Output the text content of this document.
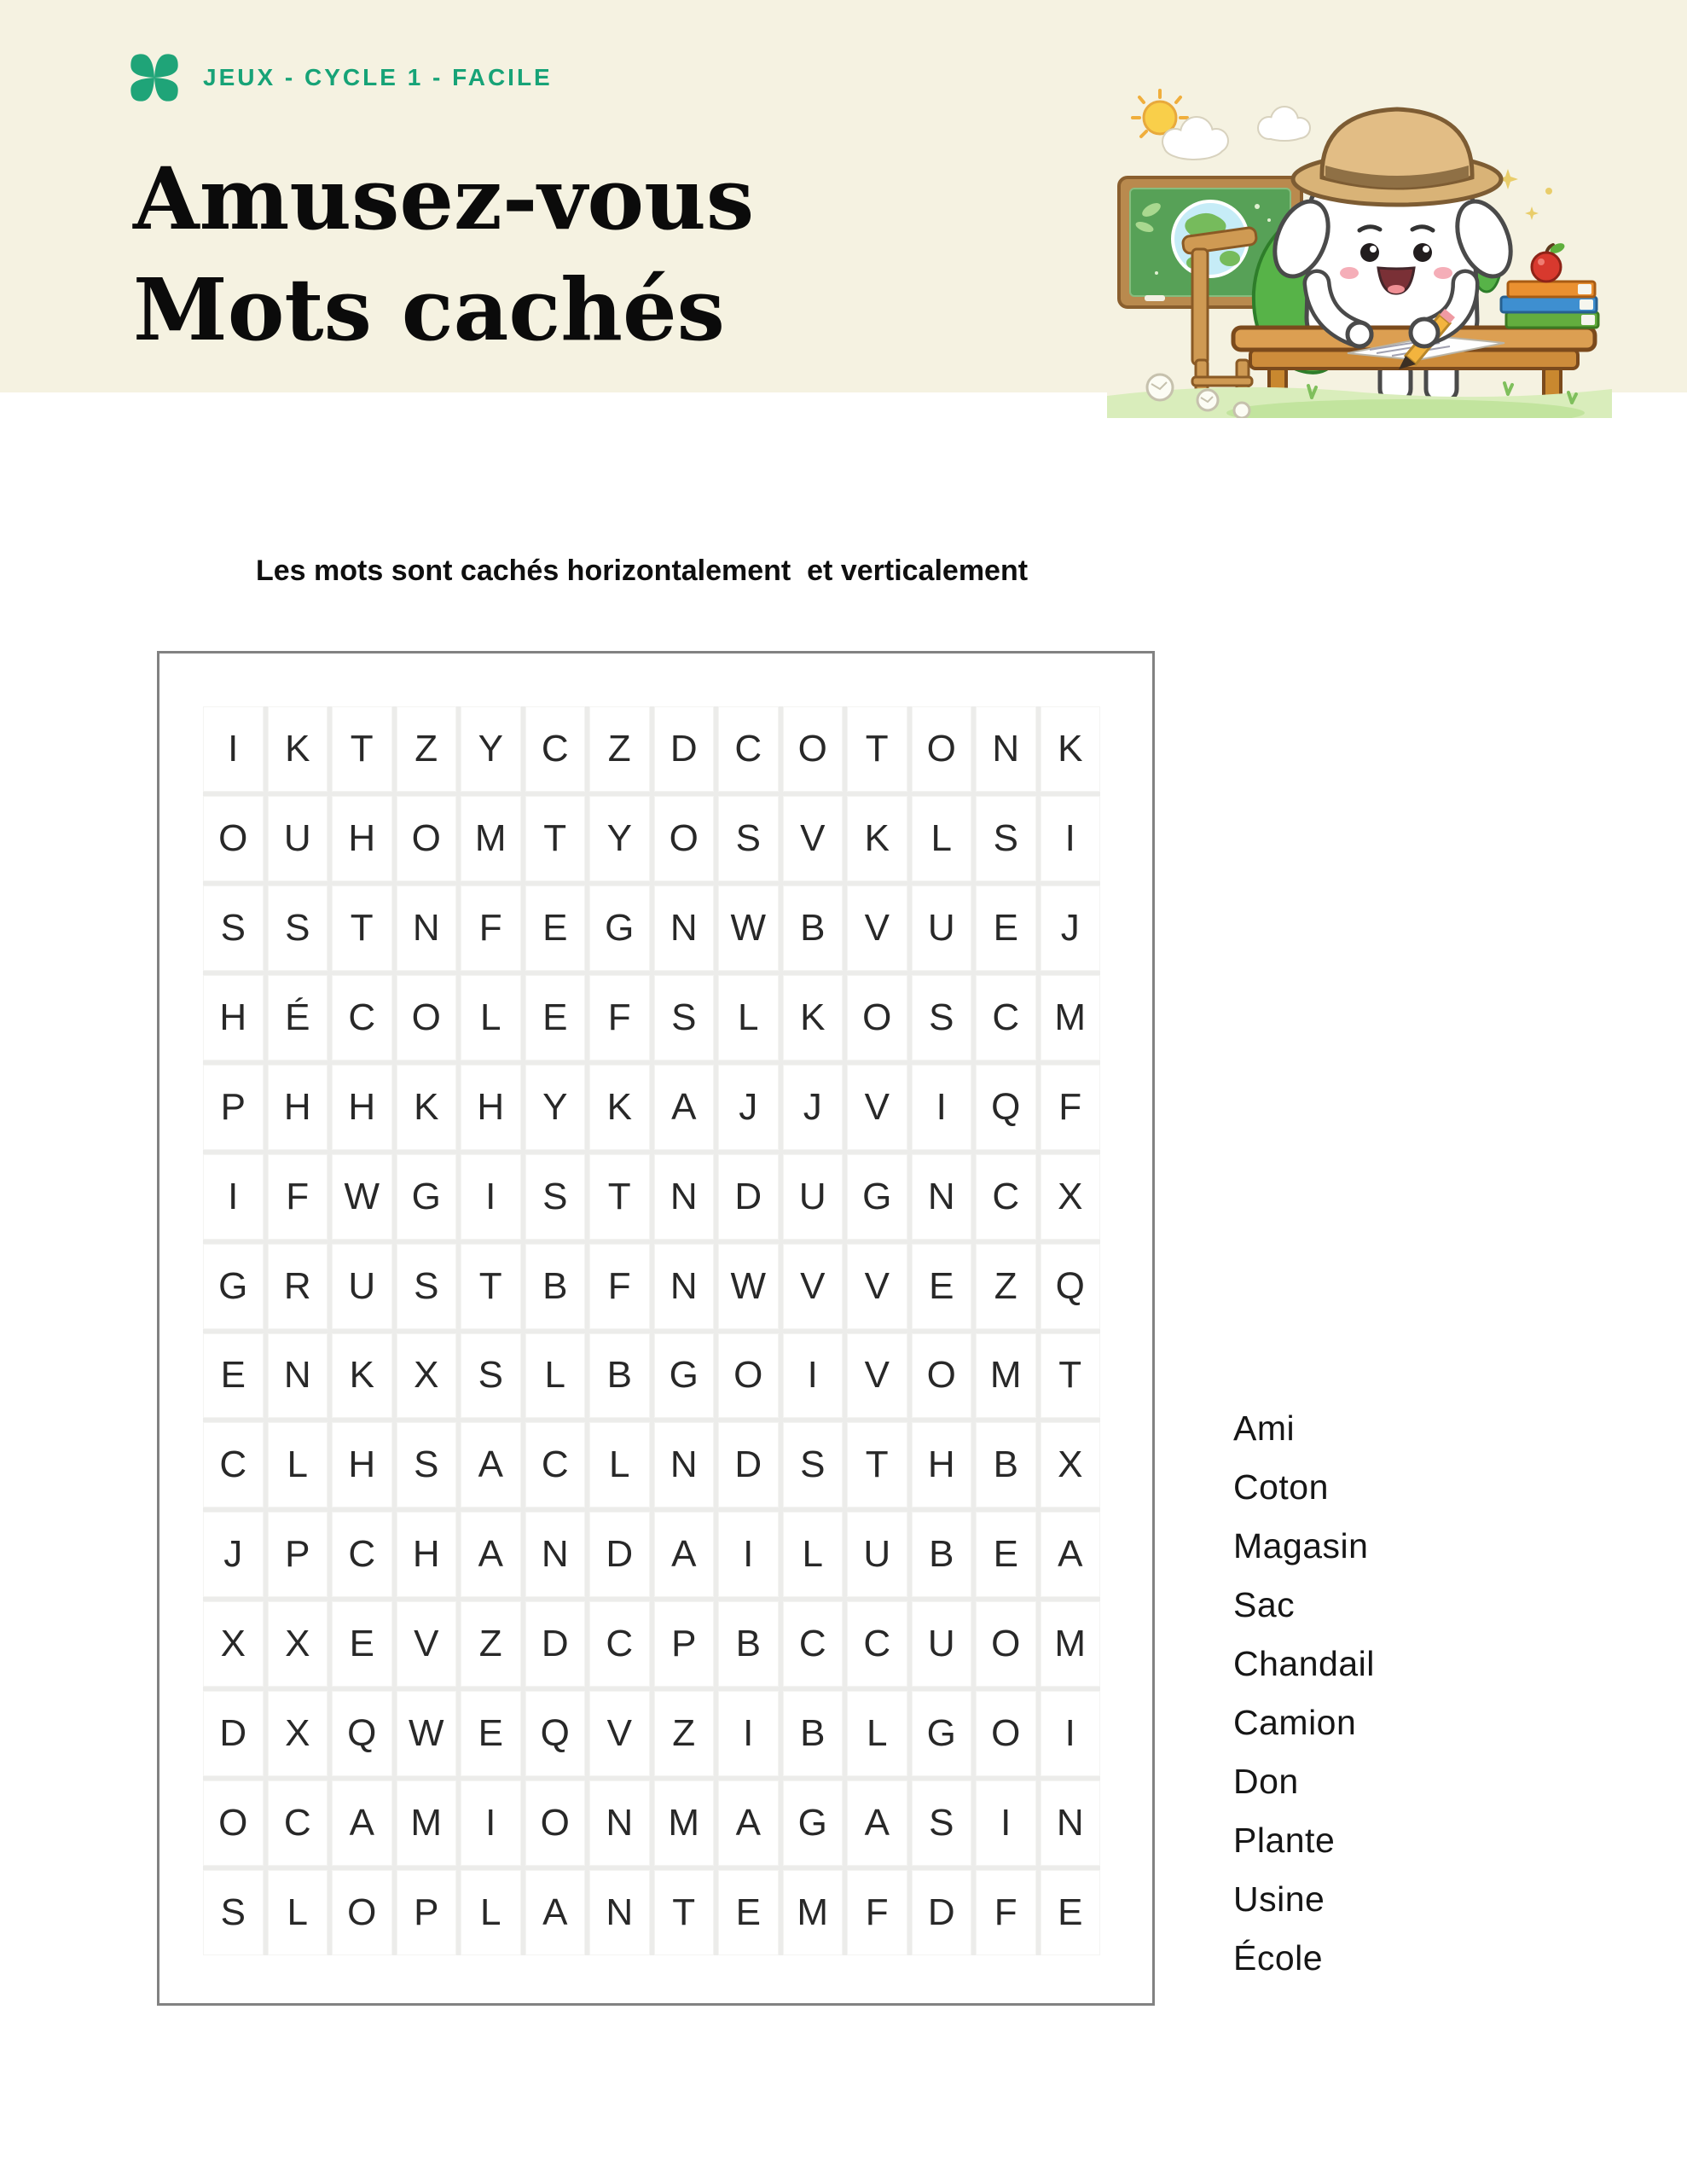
JEUX - CYCLE 1 - FACILE
Amusez-vous
Mots cachés
Les mots sont cachés horizontalement  et verticalement
I	K	T	Z	Y	C	Z	D C O	T	O N	K
O U H O M T	Y O S	V	K	L	S	I
S	S	T	N	F	E G N W B	V	U	E	J
H	É	C O	L	E	F	S	L	K O S	C M
P	H H	K	H	Y	K	A	J	J	V	I	Q	F
I	F W G	I	S	T	N D U G N C	X
G R U	S	T	B	F	N W V	V	E	Z	Q
E	N	K	X	S	L	B G O	I	V O M T
C	L	H	S	A	C	L	N D	S	T	H	B	X
J	P	C H	A	N D	A	I	L	U	B	E	A
X	X	E	V	Z	D C	P	B	C C U O M
D	X Q W E Q V	Z	I	B	L	G O	I
O C	A M	I	O N M A G A	S	I	N
S	L	O P	L	A	N	T	E M F	D	F	E
Ami
Coton
Magasin
Sac
Chandail
Camion
Don
Plante
Usine
École
